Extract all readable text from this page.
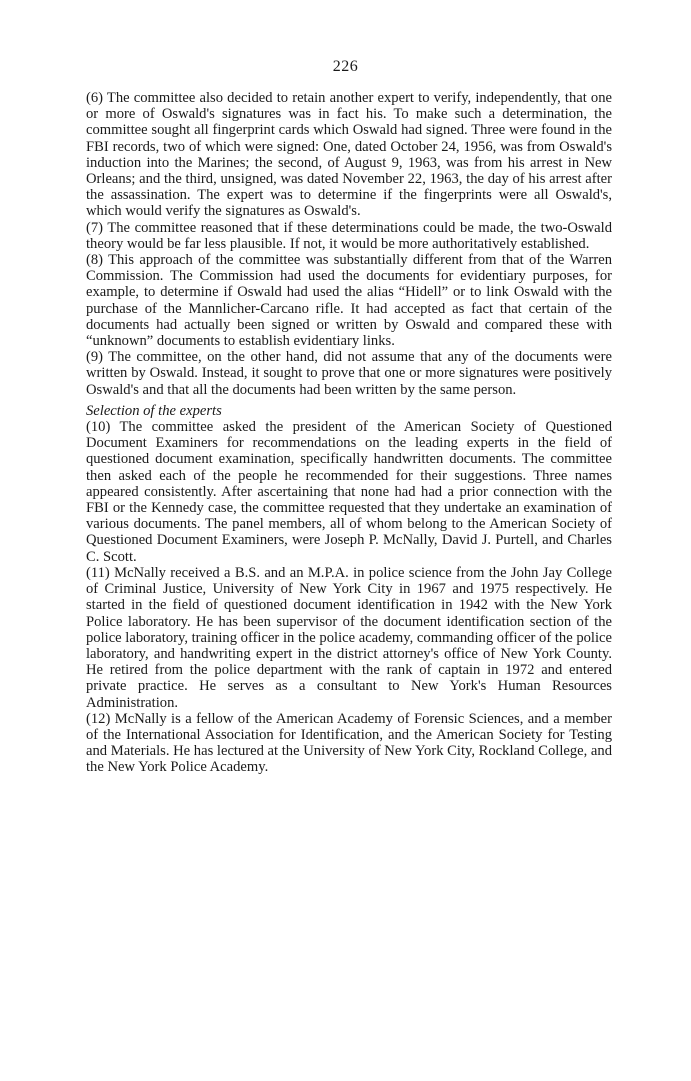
226

(6) The committee also decided to retain another expert to verify, independently, that one or more of Oswald's signatures was in fact his. To make such a determination, the committee sought all fingerprint cards which Oswald had signed. Three were found in the FBI records, two of which were signed: One, dated October 24, 1956, was from Oswald's induction into the Marines; the second, of August 9, 1963, was from his arrest in New Orleans; and the third, unsigned, was dated November 22, 1963, the day of his arrest after the assassination. The expert was to determine if the fingerprints were all Oswald's, which would verify the signatures as Oswald's.

(7) The committee reasoned that if these determinations could be made, the two-Oswald theory would be far less plausible. If not, it would be more authoritatively established.

(8) This approach of the committee was substantially different from that of the Warren Commission. The Commission had used the documents for evidentiary purposes, for example, to determine if Oswald had used the alias “Hidell” or to link Oswald with the purchase of the Mannlicher-Carcano rifle. It had accepted as fact that certain of the documents had actually been signed or written by Oswald and compared these with “unknown” documents to establish evidentiary links.

(9) The committee, on the other hand, did not assume that any of the documents were written by Oswald. Instead, it sought to prove that one or more signatures were positively Oswald's and that all the documents had been written by the same person.

Selection of the experts

(10) The committee asked the president of the American Society of Questioned Document Examiners for recommendations on the leading experts in the field of questioned document examination, specifically handwritten documents. The committee then asked each of the people he recommended for their suggestions. Three names appeared consistently. After ascertaining that none had had a prior connection with the FBI or the Kennedy case, the committee requested that they undertake an examination of various documents. The panel members, all of whom belong to the American Society of Questioned Document Examiners, were Joseph P. McNally, David J. Purtell, and Charles C. Scott.

(11) McNally received a B.S. and an M.P.A. in police science from the John Jay College of Criminal Justice, University of New York City in 1967 and 1975 respectively. He started in the field of questioned document identification in 1942 with the New York Police laboratory. He has been supervisor of the document identification section of the police laboratory, training officer in the police academy, commanding officer of the police laboratory, and handwriting expert in the district attorney's office of New York County. He retired from the police department with the rank of captain in 1972 and entered private practice. He serves as a consultant to New York's Human Resources Administration.

(12) McNally is a fellow of the American Academy of Forensic Sciences, and a member of the International Association for Identification, and the American Society for Testing and Materials. He has lectured at the University of New York City, Rockland College, and the New York Police Academy.
